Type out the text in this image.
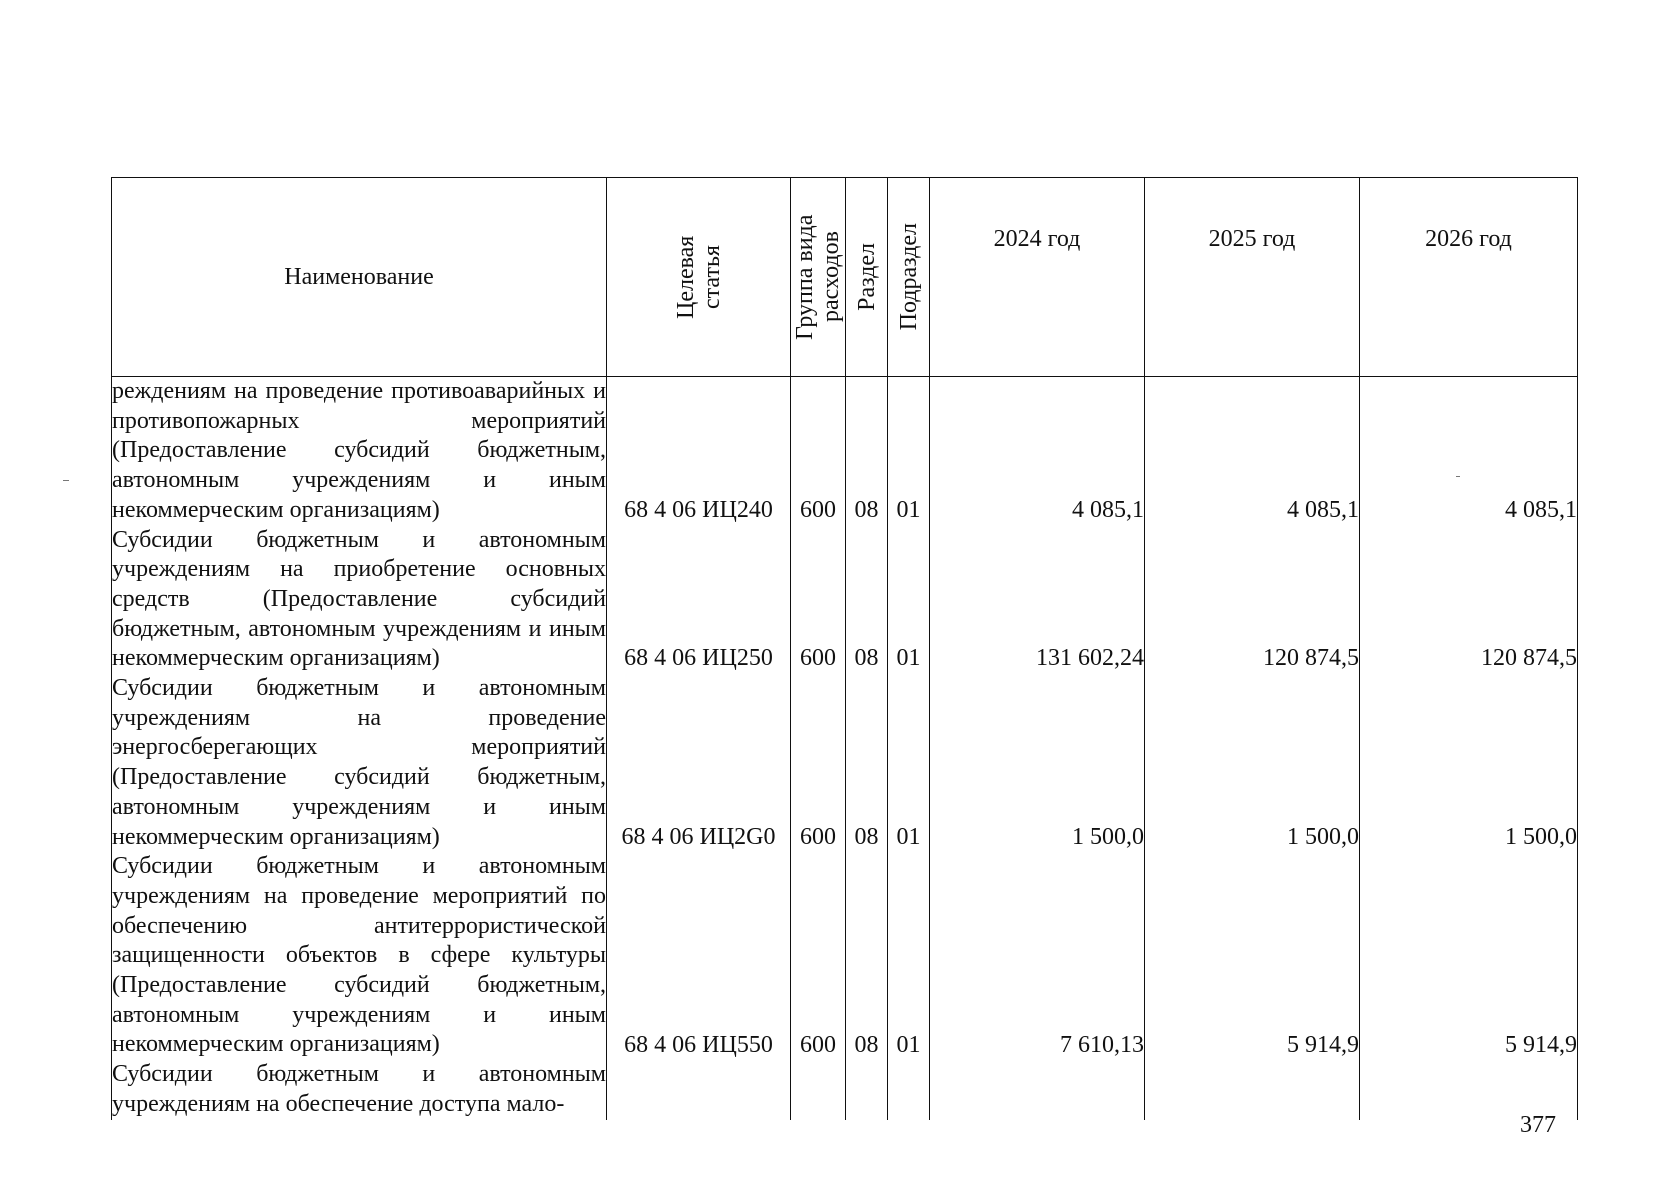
Наименование	Целевая статья	Группа вида расходов	Раздел	Подраздел	2024 год	2025 год	2026 год

реждениям на проведение противоаварийных и противопожарных мероприятий (Предоставление субсидий бюджетным, автономным учреждениям и иным некоммерческим организациям)	68 4 06 ИЦ240	600	08	01	4 085,1	4 085,1	4 085,1

Субсидии бюджетным и автономным учреждениям на приобретение основных средств (Предоставление субсидий бюджетным, автономным учреждениям и иным некоммерческим организациям)	68 4 06 ИЦ250	600	08	01	131 602,24	120 874,5	120 874,5

Субсидии бюджетным и автономным учреждениям на проведение энергосберегающих мероприятий (Предоставление субсидий бюджетным, автономным учреждениям и иным некоммерческим организациям)	68 4 06 ИЦ2G0	600	08	01	1 500,0	1 500,0	1 500,0

Субсидии бюджетным и автономным учреждениям на проведение мероприятий по обеспечению антитеррористической защищенности объектов в сфере культуры (Предоставление субсидий бюджетным, автономным учреждениям и иным некоммерческим организациям)	68 4 06 ИЦ550	600	08	01	7 610,13	5 914,9	5 914,9

Субсидии бюджетным и автономным учреждениям на обеспечение доступа мало-							

377
